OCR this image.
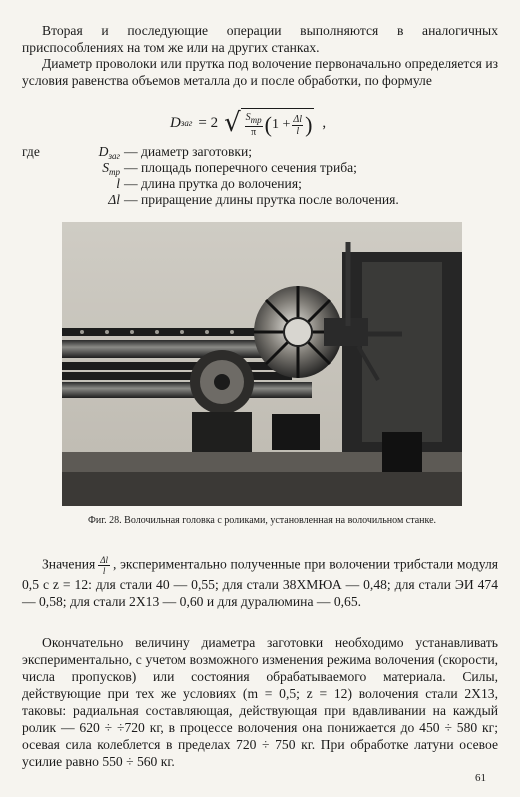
Вторая и последующие операции выполняются в аналогичных приспособлениях на том же или на других станках.

Диаметр проволоки или прутка под волочение первоначально определяется из условия равенства объемов металла до и после обработки, по формуле

D заг = 2 √ $\frac{\text{Sтр}}{\pi}$ ( $1 + \frac{\Delta l}{l}$ ) ,
где	$D_{заг}$ — диаметр заготовки;
$S_{тр}$ — площадь поперечного сечения триба;
l — длина прутка до волочения;
Δl — приращение длины прутка после волочения.

Фиг. 28. Волочильная головка с роликами, установленная на волочильном станке.

Значения $\frac{\Delta l}{l}$ , экспериментально полученные при волочении трибстали модуля 0,5 с z = 12: для стали 40 — 0,55; для стали 38ХМЮА — 0,48; для стали ЭИ 474 — 0,58; для стали 2Х13 — 0,60 и для дуралюмина — 0,65.

Окончательно величину диаметра заготовки необходимо устанавливать экспериментально, с учетом возможного изменения режима волочения (скорости, числа пропусков) или состояния обрабатываемого материала. Силы, действующие при тех же условиях (m = 0,5; z = 12) волочения стали 2Х13, таковы: радиальная составляющая, действующая при вдавливании на каждый ролик — 620 ÷ ÷720 кг, в процессе волочения она понижается до 450 ÷ 580 кг; осевая сила колеблется в пределах 720 ÷ 750 кг. При обработке латуни осевое усилие равно 550 ÷ 560 кг.

61
